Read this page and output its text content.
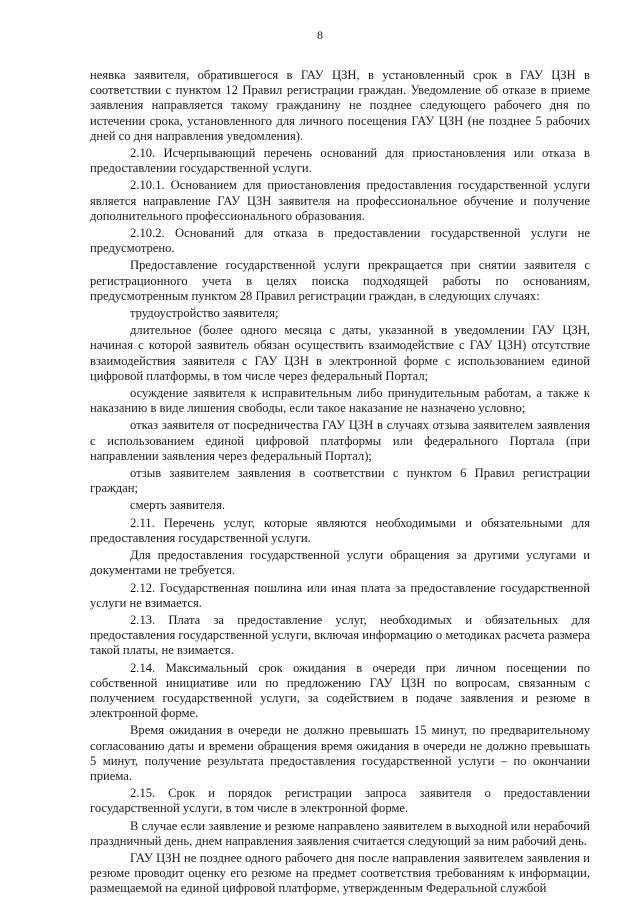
8

неявка заявителя, обратившегося в ГАУ ЦЗН, в установленный срок в ГАУ ЦЗН в соответствии с пунктом 12 Правил регистрации граждан. Уведомление об отказе в приеме заявления направляется такому гражданину не позднее следующего рабочего дня по истечении срока, установленного для личного посещения ГАУ ЦЗН (не позднее 5 рабочих дней со дня направления уведомления).

2.10. Исчерпывающий перечень оснований для приостановления или отказа в предоставлении государственной услуги.

2.10.1. Основанием для приостановления предоставления государственной услуги является направление ГАУ ЦЗН заявителя на профессиональное обучение и получение дополнительного профессионального образования.

2.10.2. Оснований для отказа в предоставлении государственной услуги не предусмотрено.

Предоставление государственной услуги прекращается при снятии заявителя с регистрационного учета в целях поиска подходящей работы по основаниям, предусмотренным пунктом 28 Правил регистрации граждан, в следующих случаях:

трудоустройство заявителя;

длительное (более одного месяца с даты, указанной в уведомлении ГАУ ЦЗН, начиная с которой заявитель обязан осуществить взаимодействие с ГАУ ЦЗН) отсутствие взаимодействия заявителя с ГАУ ЦЗН в электронной форме с использованием единой цифровой платформы, в том числе через федеральный Портал;

осуждение заявителя к исправительным либо принудительным работам, а также к наказанию в виде лишения свободы, если такое наказание не назначено условно;

отказ заявителя от посредничества ГАУ ЦЗН в случаях отзыва заявителем заявления с использованием единой цифровой платформы или федерального Портала (при направлении заявления через федеральный Портал);

отзыв заявителем заявления в соответствии с пунктом 6 Правил регистрации граждан;

смерть заявителя.

2.11. Перечень услуг, которые являются необходимыми и обязательными для предоставления государственной услуги.

Для предоставления государственной услуги обращения за другими услугами и документами не требуется.

2.12. Государственная пошлина или иная плата за предоставление государственной услуги не взимается.

2.13. Плата за предоставление услуг, необходимых и обязательных для предоставления государственной услуги, включая информацию о методиках расчета размера такой платы, не взимается.

2.14. Максимальный срок ожидания в очереди при личном посещении по собственной инициативе или по предложению ГАУ ЦЗН по вопросам, связанным с получением государственной услуги, за содействием в подаче заявления и резюме в электронной форме.

Время ожидания в очереди не должно превышать 15 минут, по предварительному согласованию даты и времени обращения время ожидания в очереди не должно превышать 5 минут, получение результата предоставления государственной услуги – по окончании приема.

2.15. Срок и порядок регистрации запроса заявителя о предоставлении государственной услуги, в том числе в электронной форме.

В случае если заявление и резюме направлено заявителем в выходной или нерабочий праздничный день, днем направления заявления считается следующий за ним рабочий день.

ГАУ ЦЗН не позднее одного рабочего дня после направления заявителем заявления и резюме проводит оценку его резюме на предмет соответствия требованиям к информации, размещаемой на единой цифровой платформе, утвержденным Федеральной службой
